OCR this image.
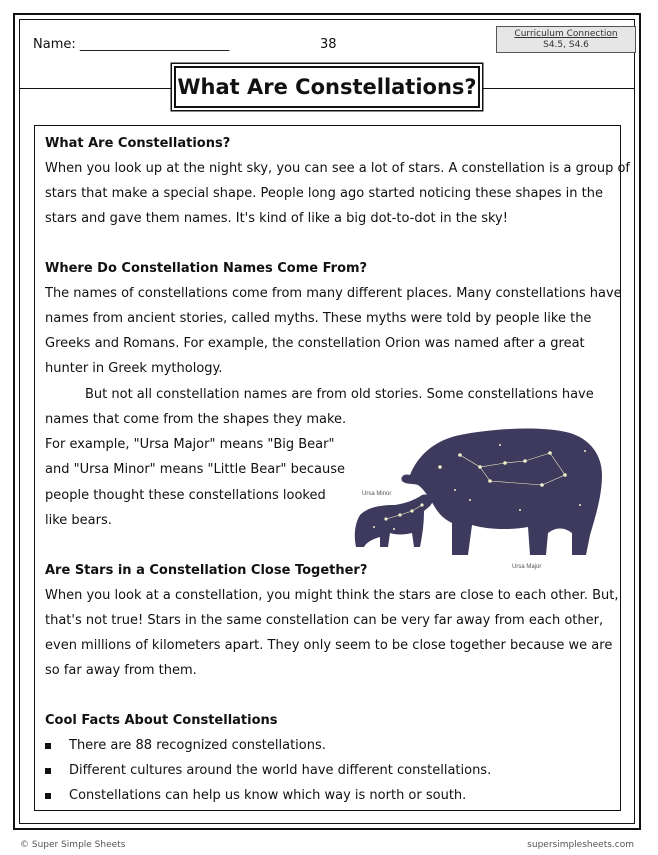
Name: _______________________	38
Curriculum Connection
S4.5, S4.6
What Are Constellations?
What Are Constellations?
When you look up at the night sky, you can see a lot of stars. A constellation is a group of
stars that make a special shape. People long ago started noticing these shapes in the
stars and gave them names. It's kind of like a big dot-to-dot in the sky!
Where Do Constellation Names Come From?
The names of constellations come from many different places. Many constellations have
names from ancient stories, called myths. These myths were told by people like the
Greeks and Romans. For example, the constellation Orion was named after a great
hunter in Greek mythology.
But not all constellation names are from old stories. Some constellations have
names that come from the shapes they make.
For example, "Ursa Major" means "Big Bear"
and "Ursa Minor" means "Little Bear" because
people thought these constellations looked
like bears.
Ursa Minor
Ursa Major
Are Stars in a Constellation Close Together?
When you look at a constellation, you might think the stars are close to each other. But,
that's not true! Stars in the same constellation can be very far away from each other,
even millions of kilometers apart. They only seem to be close together because we are
so far away from them.
Cool Facts About Constellations
There are 88 recognized constellations.
Different cultures around the world have different constellations.
Constellations can help us know which way is north or south.
© Super Simple Sheets	supersimplesheets.com
